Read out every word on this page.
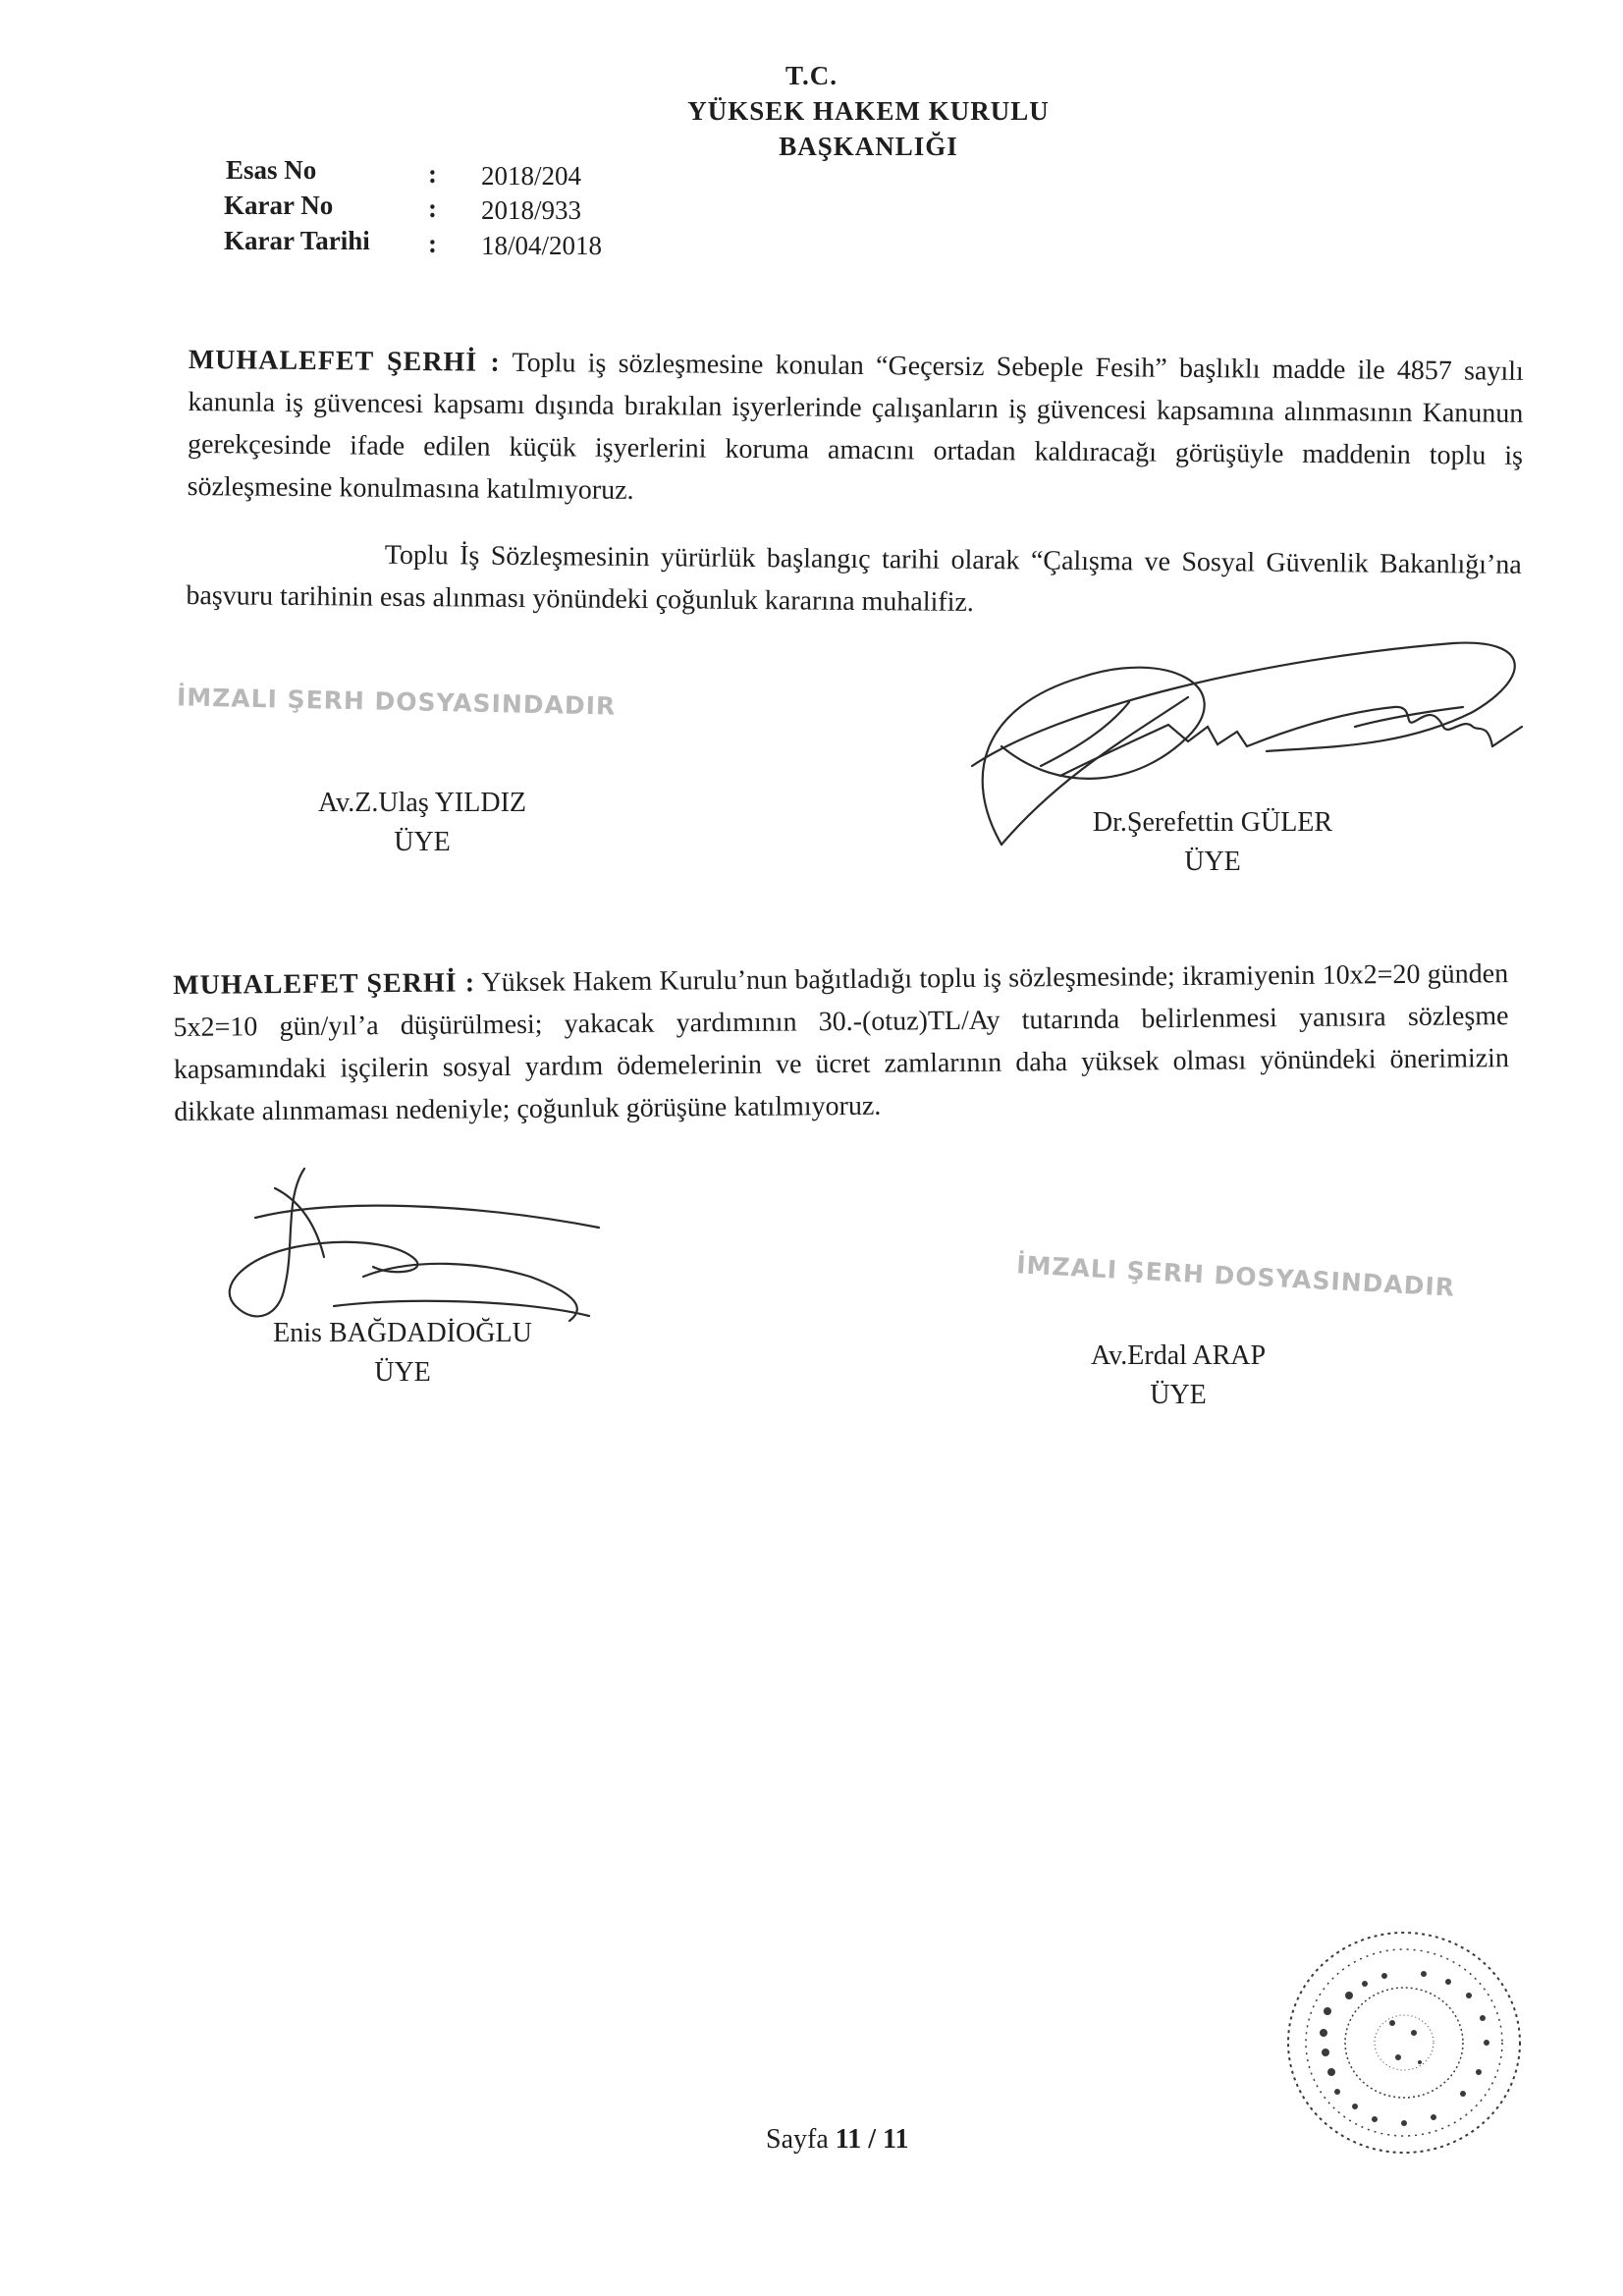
T.C.
YÜKSEK HAKEM KURULU
BAŞKANLIĞI
Esas No	: 2018/204
Karar No	: 2018/933
Karar Tarihi : 18/04/2018
MUHALEFET ŞERHİ : Toplu iş sözleşmesine konulan “Geçersiz Sebeple Fesih” başlıklı madde ile 4857 sayılı kanunla iş güvencesi kapsamı dışında bırakılan işyerlerinde çalışanların iş güvencesi kapsamına alınmasının Kanunun gerekçesinde ifade edilen küçük işyerlerini koruma amacını ortadan kaldıracağı görüşüyle maddenin toplu iş sözleşmesine konulmasına katılmıyoruz.
Toplu İş Sözleşmesinin yürürlük başlangıç tarihi olarak “Çalışma ve Sosyal Güvenlik Bakanlığı’na başvuru tarihinin esas alınması yönündeki çoğunluk kararına muhalifiz.
İMZALI ŞERH DOSYASINDADIR
Av.Z.Ulaş YILDIZ
ÜYE
Dr.Şerefettin GÜLER
ÜYE
MUHALEFET ŞERHİ : Yüksek Hakem Kurulu’nun bağıtladığı toplu iş sözleşmesinde; ikramiyenin 10x2=20 günden 5x2=10 gün/yıl’a düşürülmesi; yakacak yardımının 30.-(otuz)TL/Ay tutarında belirlenmesi yanısıra sözleşme kapsamındaki işçilerin sosyal yardım ödemelerinin ve ücret zamlarının daha yüksek olması yönündeki önerimizin dikkate alınmaması nedeniyle; çoğunluk görüşüne katılmıyoruz.
Enis BAĞDADİOĞLU
ÜYE
İMZALI ŞERH DOSYASINDADIR
Av.Erdal ARAP
ÜYE
Sayfa 11 / 11
